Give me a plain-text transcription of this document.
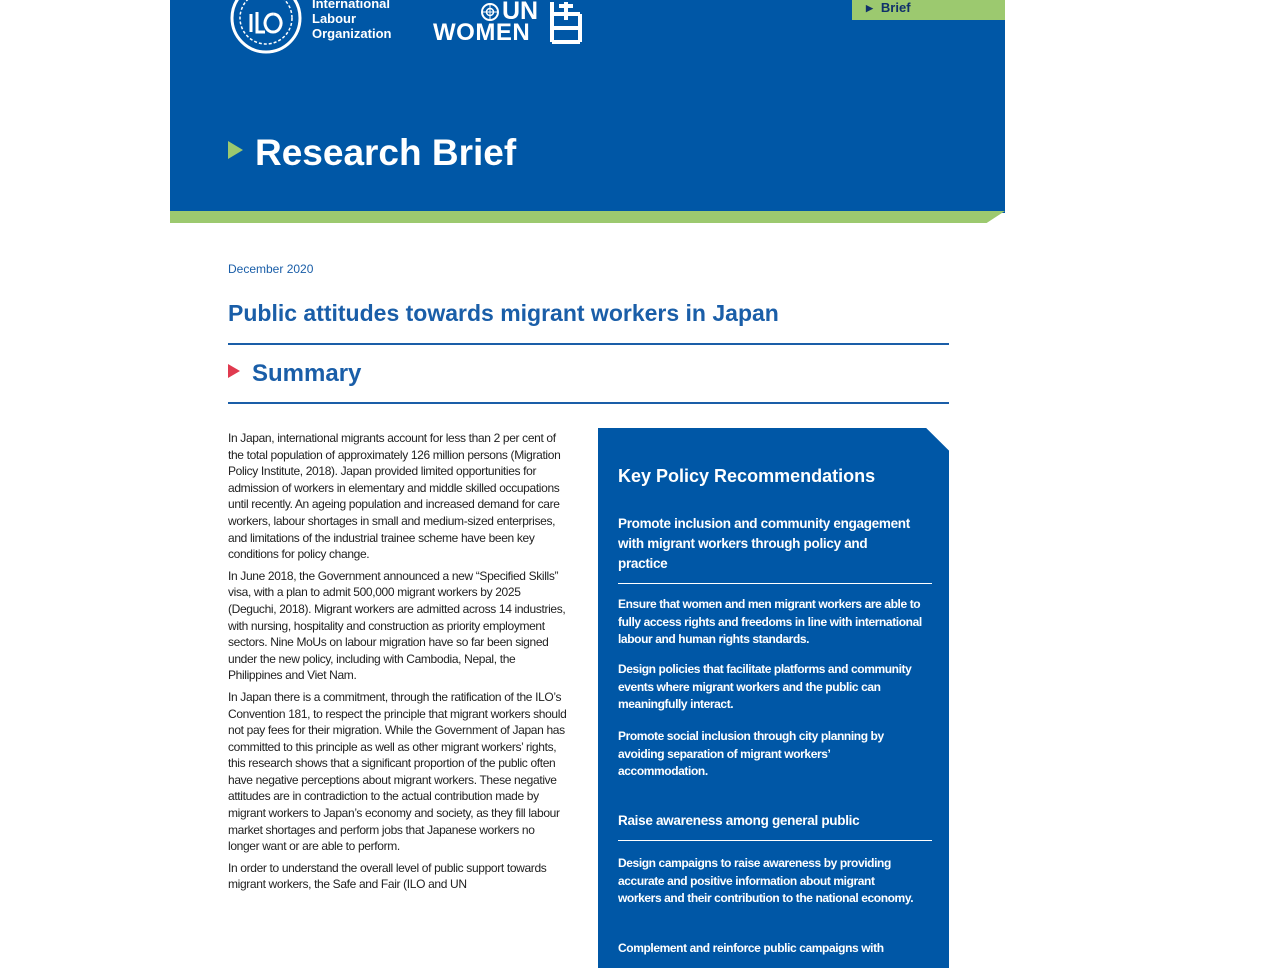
International
Labour
Organization
UN
WOMEN
▶ Brief
Research Brief
December 2020
Public attitudes towards migrant workers in Japan
Summary

In Japan, international migrants account for less than 2 per cent of the total population of approximately 126 million persons (Migration Policy Institute, 2018). Japan provided limited opportunities for admission of workers in elementary and middle skilled occupations until recently. An ageing population and increased demand for care workers, labour shortages in small and medium-sized enterprises, and limitations of the industrial trainee scheme have been key conditions for policy change.

In June 2018, the Government announced a new “Specified Skills” visa, with a plan to admit 500,000 migrant workers by 2025 (Deguchi, 2018). Migrant workers are admitted across 14 industries, with nursing, hospitality and construction as priority employment sectors. Nine MoUs on labour migration have so far been signed under the new policy, including with Cambodia, Nepal, the Philippines and Viet Nam.

In Japan there is a commitment, through the ratification of the ILO’s Convention 181, to respect the principle that migrant workers should not pay fees for their migration. While the Government of Japan has committed to this principle as well as other migrant workers’ rights, this research shows that a significant proportion of the public often have negative perceptions about migrant workers. These negative attitudes are in contradiction to the actual contribution made by migrant workers to Japan’s economy and society, as they fill labour market shortages and perform jobs that Japanese workers no longer want or are able to perform.

In order to understand the overall level of public support towards migrant workers, the Safe and Fair (ILO and UN

Key Policy Recommendations
Promote inclusion and community engagement with migrant workers through policy and practice
Ensure that women and men migrant workers are able to fully access rights and freedoms in line with international labour and human rights standards.
Design policies that facilitate platforms and community events where migrant workers and the public can meaningfully interact.
Promote social inclusion through city planning by avoiding separation of migrant workers’ accommodation.
Raise awareness among general public
Design campaigns to raise awareness by providing accurate and positive information about migrant workers and their contribution to the national economy.
Complement and reinforce public campaigns with
